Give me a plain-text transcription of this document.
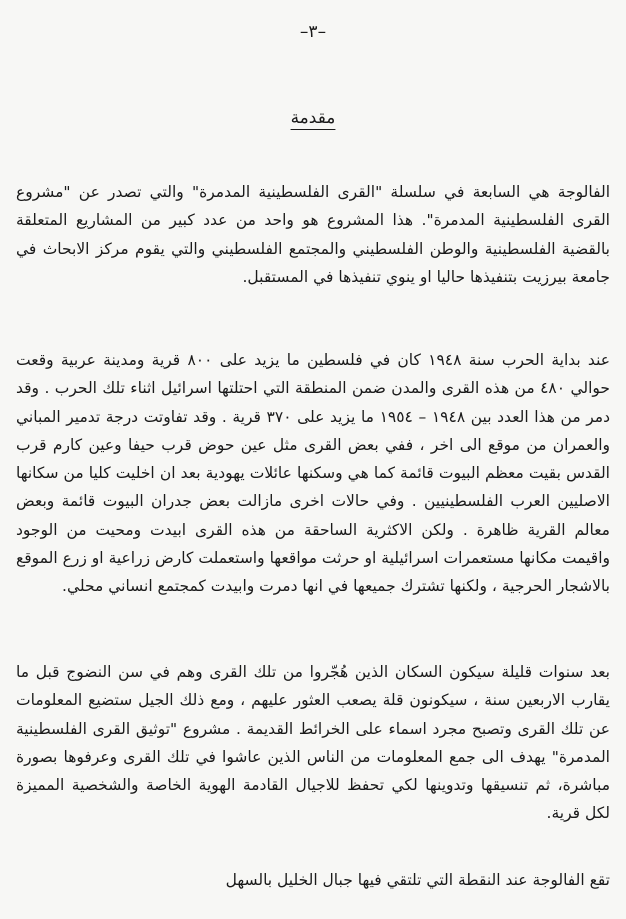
–٣–
مقدمة

الفالوجة هي السابعة في سلسلة "القرى الفلسطينية المدمرة" والتي تصدر عن "مشروع القرى الفلسطينية المدمرة". هذا المشروع هو واحد من عدد كبير من المشاريع المتعلقة بالقضية الفلسطينية والوطن الفلسطيني والمجتمع الفلسطيني والتي يقوم مركز الابحاث في جامعة بيرزيت بتنفيذها حاليا او ينوي تنفيذها في المستقبل.

عند بداية الحرب سنة ١٩٤٨ كان في فلسطين ما يزيد على ٨٠٠ قرية ومدينة عربية وقعت حوالي ٤٨٠ من هذه القرى والمدن ضمن المنطقة التي احتلتها اسرائيل اثناء تلك الحرب . وقد دمر من هذا العدد بين ١٩٤٨ – ١٩٥٤ ما يزيد على ٣٧٠ قرية . وقد تفاوتت درجة تدمير المباني والعمران من موقع الى اخر ، ففي بعض القرى مثل عين حوض قرب حيفا وعين كارم قرب القدس بقيت معظم البيوت قائمة كما هي وسكنها عائلات يهودية بعد ان اخليت كليا من سكانها الاصليين العرب الفلسطينيين . وفي حالات اخرى مازالت بعض جدران البيوت قائمة وبعض معالم القرية ظاهرة . ولكن الاكثرية الساحقة من هذه القرى ابيدت ومحيت من الوجود واقيمت مكانها مستعمرات اسرائيلية او حرثت مواقعها واستعملت كارض زراعية او زرع الموقع بالاشجار الحرجية ، ولكنها تشترك جميعها في انها دمرت وابيدت كمجتمع انساني محلي.

بعد سنوات قليلة سيكون السكان الذين هُجّروا من تلك القرى وهم في سن النضوج قبل ما يقارب الاربعين سنة ، سيكونون قلة يصعب العثور عليهم ، ومع ذلك الجيل ستضيع المعلومات عن تلك القرى وتصبح مجرد اسماء على الخرائط القديمة . مشروع "توثيق القرى الفلسطينية المدمرة" يهدف الى جمع المعلومات من الناس الذين عاشوا في تلك القرى وعرفوها بصورة مباشرة، ثم تنسيقها وتدوينها لكي تحفظ للاجيال القادمة الهوية الخاصة والشخصية المميزة لكل قرية.

تقع الفالوجة عند النقطة التي تلتقي فيها جبال الخليل بالسهل
